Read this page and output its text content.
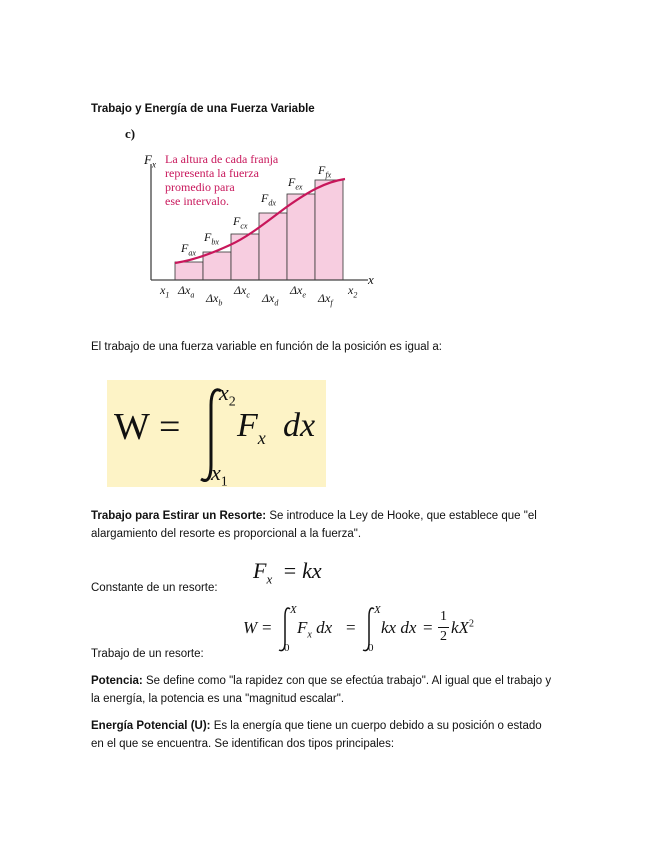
Trabajo y Energía de una Fuerza Variable
c)
$F_x$
x
La altura de cada franja
representa la fuerza
promedio para
ese intervalo.
$F_{ax}$
$F_{bx}$
$F_{cx}$
$F_{dx}$
$F_{ex}$
$F_{fx}$
$x_1$ $\Delta x_a$ $\Delta x_b$
$\Delta x_c$ $\Delta x_d$
$\Delta x_e$ $\Delta x_f$
$x_2$
El trabajo de una fuerza variable en función de la posición es igual a:
W =
$x_2$
$x_1$
$F_x$ dx
Trabajo para Estirar un Resorte: Se introduce la Ley de Hooke, que establece que "el alargamiento del resorte es proporcional a la fuerza".
Constante de un resorte:
$F_x$ = kx
W =
X
0
$F_x$ dx =
X
0
kx dx =
1
2 $kX^2$
Trabajo de un resorte:
Potencia: Se define como "la rapidez con que se efectúa trabajo". Al igual que el trabajo y la energía, la potencia es una "magnitud escalar".
Energía Potencial (U): Es la energía que tiene un cuerpo debido a su posición o estado en el que se encuentra. Se identifican dos tipos principales:
